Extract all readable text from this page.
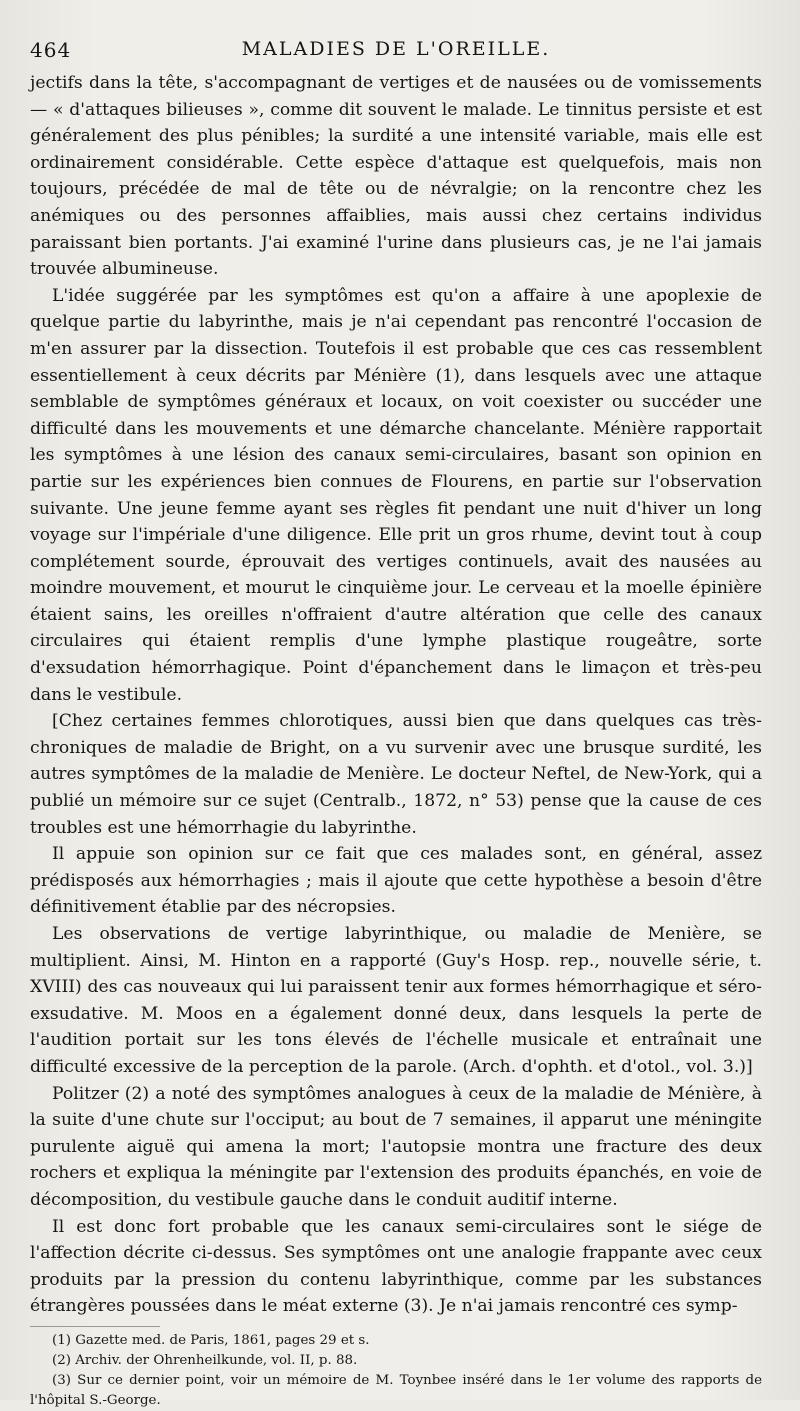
464	MALADIES DE L'OREILLE.

jectifs dans la tête, s'accompagnant de vertiges et de nausées ou de vomissements — « d'attaques bilieuses », comme dit souvent le malade. Le tinnitus persiste et est généralement des plus pénibles; la surdité a une intensité variable, mais elle est ordinairement considérable. Cette espèce d'attaque est quelquefois, mais non toujours, précédée de mal de tête ou de névralgie; on la rencontre chez les anémiques ou des personnes affaiblies, mais aussi chez certains individus paraissant bien portants. J'ai examiné l'urine dans plusieurs cas, je ne l'ai jamais trouvée albumineuse.

L'idée suggérée par les symptômes est qu'on a affaire à une apoplexie de quelque partie du labyrinthe, mais je n'ai cependant pas rencontré l'occasion de m'en assurer par la dissection. Toutefois il est probable que ces cas ressemblent essentiellement à ceux décrits par Ménière (1), dans lesquels avec une attaque semblable de symptômes généraux et locaux, on voit coexister ou succéder une difficulté dans les mouvements et une démarche chancelante. Ménière rapportait les symptômes à une lésion des canaux semi-circulaires, basant son opinion en partie sur les expériences bien connues de Flourens, en partie sur l'observation suivante. Une jeune femme ayant ses règles fit pendant une nuit d'hiver un long voyage sur l'impériale d'une diligence. Elle prit un gros rhume, devint tout à coup complétement sourde, éprouvait des vertiges continuels, avait des nausées au moindre mouvement, et mourut le cinquième jour. Le cerveau et la moelle épinière étaient sains, les oreilles n'offraient d'autre altération que celle des canaux circulaires qui étaient remplis d'une lymphe plastique rougeâtre, sorte d'exsudation hémorrhagique. Point d'épanchement dans le limaçon et très-peu dans le vestibule.

[Chez certaines femmes chlorotiques, aussi bien que dans quelques cas très-chroniques de maladie de Bright, on a vu survenir avec une brusque surdité, les autres symptômes de la maladie de Menière. Le docteur Neftel, de New-York, qui a publié un mémoire sur ce sujet (Centralb., 1872, n° 53) pense que la cause de ces troubles est une hémorrhagie du labyrinthe.

Il appuie son opinion sur ce fait que ces malades sont, en général, assez prédisposés aux hémorrhagies ; mais il ajoute que cette hypothèse a besoin d'être définitivement établie par des nécropsies.

Les observations de vertige labyrinthique, ou maladie de Menière, se multiplient. Ainsi, M. Hinton en a rapporté (Guy's Hosp. rep., nouvelle série, t. XVIII) des cas nouveaux qui lui paraissent tenir aux formes hémorrhagique et séro-exsudative. M. Moos en a également donné deux, dans lesquels la perte de l'audition portait sur les tons élevés de l'échelle musicale et entraînait une difficulté excessive de la perception de la parole. (Arch. d'ophth. et d'otol., vol. 3.)]

Politzer (2) a noté des symptômes analogues à ceux de la maladie de Ménière, à la suite d'une chute sur l'occiput; au bout de 7 semaines, il apparut une méningite purulente aiguë qui amena la mort; l'autopsie montra une fracture des deux rochers et expliqua la méningite par l'extension des produits épanchés, en voie de décomposition, du vestibule gauche dans le conduit auditif interne.

Il est donc fort probable que les canaux semi-circulaires sont le siége de l'affection décrite ci-dessus. Ses symptômes ont une analogie frappante avec ceux produits par la pression du contenu labyrinthique, comme par les substances étrangères poussées dans le méat externe (3). Je n'ai jamais rencontré ces symp-

(1) Gazette med. de Paris, 1861, pages 29 et s.
(2) Archiv. der Ohrenheilkunde, vol. II, p. 88.
(3) Sur ce dernier point, voir un mémoire de M. Toynbee inséré dans le 1er volume des rapports de l'hôpital S.-George.
